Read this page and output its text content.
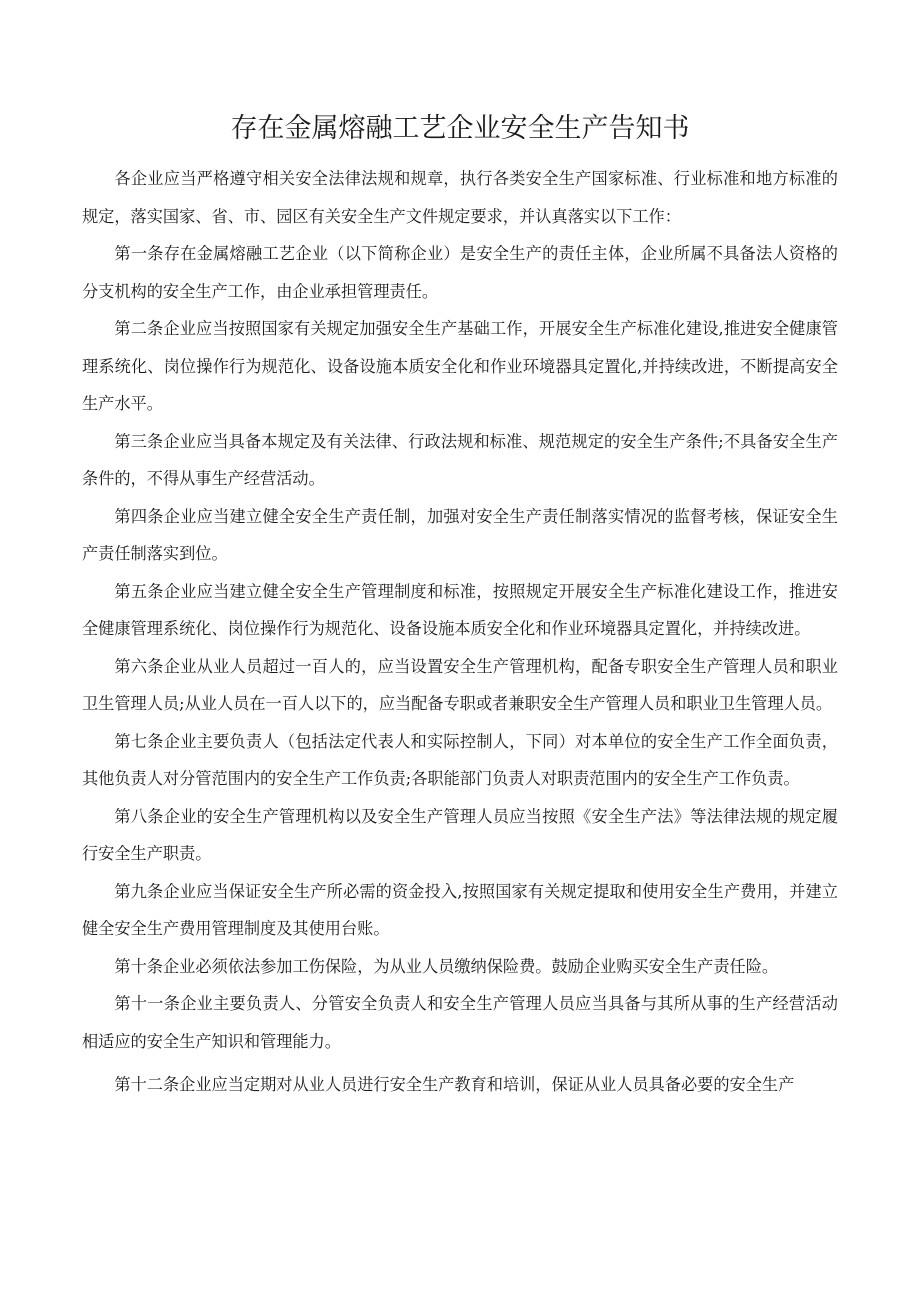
存在金属熔融工艺企业安全生产告知书

各企业应当严格遵守相关安全法律法规和规章，执行各类安全生产国家标准、行业标准和地方标准的规定，落实国家、省、市、园区有关安全生产文件规定要求，并认真落实以下工作：

第一条存在金属熔融工艺企业（以下简称企业）是安全生产的责任主体，企业所属不具备法人资格的分支机构的安全生产工作，由企业承担管理责任。

第二条企业应当按照国家有关规定加强安全生产基础工作，开展安全生产标准化建设,推进安全健康管理系统化、岗位操作行为规范化、设备设施本质安全化和作业环境器具定置化,并持续改进，不断提高安全生产水平。

第三条企业应当具备本规定及有关法律、行政法规和标准、规范规定的安全生产条件;不具备安全生产条件的，不得从事生产经营活动。

第四条企业应当建立健全安全生产责任制，加强对安全生产责任制落实情况的监督考核，保证安全生产责任制落实到位。

第五条企业应当建立健全安全生产管理制度和标准，按照规定开展安全生产标准化建设工作，推进安全健康管理系统化、岗位操作行为规范化、设备设施本质安全化和作业环境器具定置化，并持续改进。

第六条企业从业人员超过一百人的，应当设置安全生产管理机构，配备专职安全生产管理人员和职业卫生管理人员;从业人员在一百人以下的，应当配备专职或者兼职安全生产管理人员和职业卫生管理人员。

第七条企业主要负责人（包括法定代表人和实际控制人，下同）对本单位的安全生产工作全面负责，其他负责人对分管范围内的安全生产工作负责;各职能部门负责人对职责范围内的安全生产工作负责。

第八条企业的安全生产管理机构以及安全生产管理人员应当按照《安全生产法》等法律法规的规定履行安全生产职责。

第九条企业应当保证安全生产所必需的资金投入,按照国家有关规定提取和使用安全生产费用，并建立健全安全生产费用管理制度及其使用台账。

第十条企业必须依法参加工伤保险，为从业人员缴纳保险费。鼓励企业购买安全生产责任险。

第十一条企业主要负责人、分管安全负责人和安全生产管理人员应当具备与其所从事的生产经营活动相适应的安全生产知识和管理能力。

第十二条企业应当定期对从业人员进行安全生产教育和培训，保证从业人员具备必要的安全生产
